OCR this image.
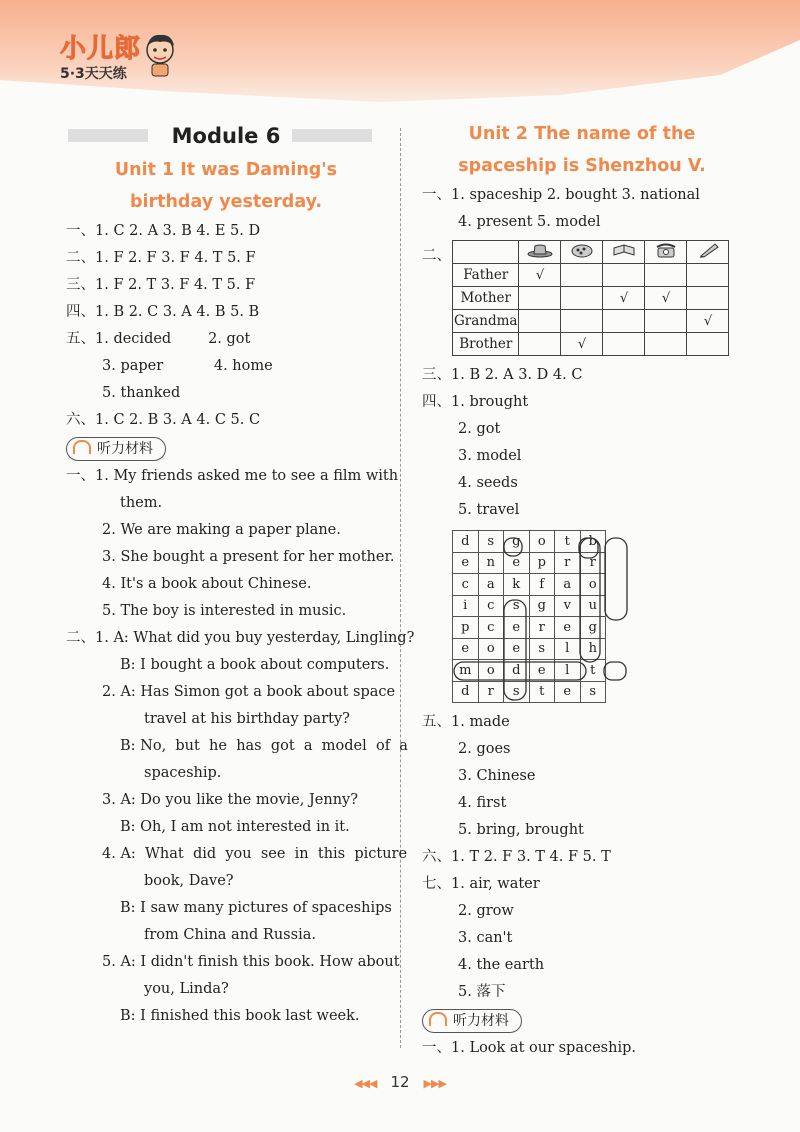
小儿郎
5·3天天练
Module 6
Unit 1 It was Daming's
birthday yesterday.
一、1. C 2. A 3. B 4. E 5. D
二、1. F 2. F 3. F 4. T 5. F
三、1. F 2. T 3. F 4. T 5. F
四、1. B 2. C 3. A 4. B 5. B
五、1. decided        2. got
3. paper           4. home
5. thanked
六、1. C 2. B 3. A 4. C 5. C
听力材料
一、1. My friends asked me to see a film with
them.
2. We are making a paper plane.
3. She bought a present for her mother.
4. It's a book about Chinese.
5. The boy is interested in music.
二、1. A: What did you buy yesterday, Lingling?
B: I bought a book about computers.
2. A: Has Simon got a book about space
travel at his birthday party?
B: No,  but  he  has  got  a  model  of  a
spaceship.
3. A: Do you like the movie, Jenny?
B: Oh, I am not interested in it.
4. A:  What  did  you  see  in  this  picture
book, Dave?
B: I saw many pictures of spaceships
from China and Russia.
5. A: I didn't finish this book. How about
you, Linda?
B: I finished this book last week.
Unit 2 The name of the
spaceship is Shenzhou V.
一、1. spaceship 2. bought 3. national
4. present 5. model
二、

Father	√				
Mother			√	√	
Grandma					√
Brother		√			
三、1. B 2. A 3. D 4. C
四、1. brought
2. got
3. model
4. seeds
5. travel
d	s	g	o	t	b
e	n	e	p	r	r
c	a	k	f	a	o
i	c	s	g	v	u
p	c	e	r	e	g
e	o	e	s	l	h
m	o	d	e	l	t
d	r	s	t	e	s
五、1. made
2. goes
3. Chinese
4. first
5. bring, brought
六、1. T 2. F 3. T 4. F 5. T
七、1. air, water
2. grow
3. can't
4. the earth
5. 落下
听力材料
一、1. Look at our spaceship.
◀◀◀ 12 ▶▶▶
